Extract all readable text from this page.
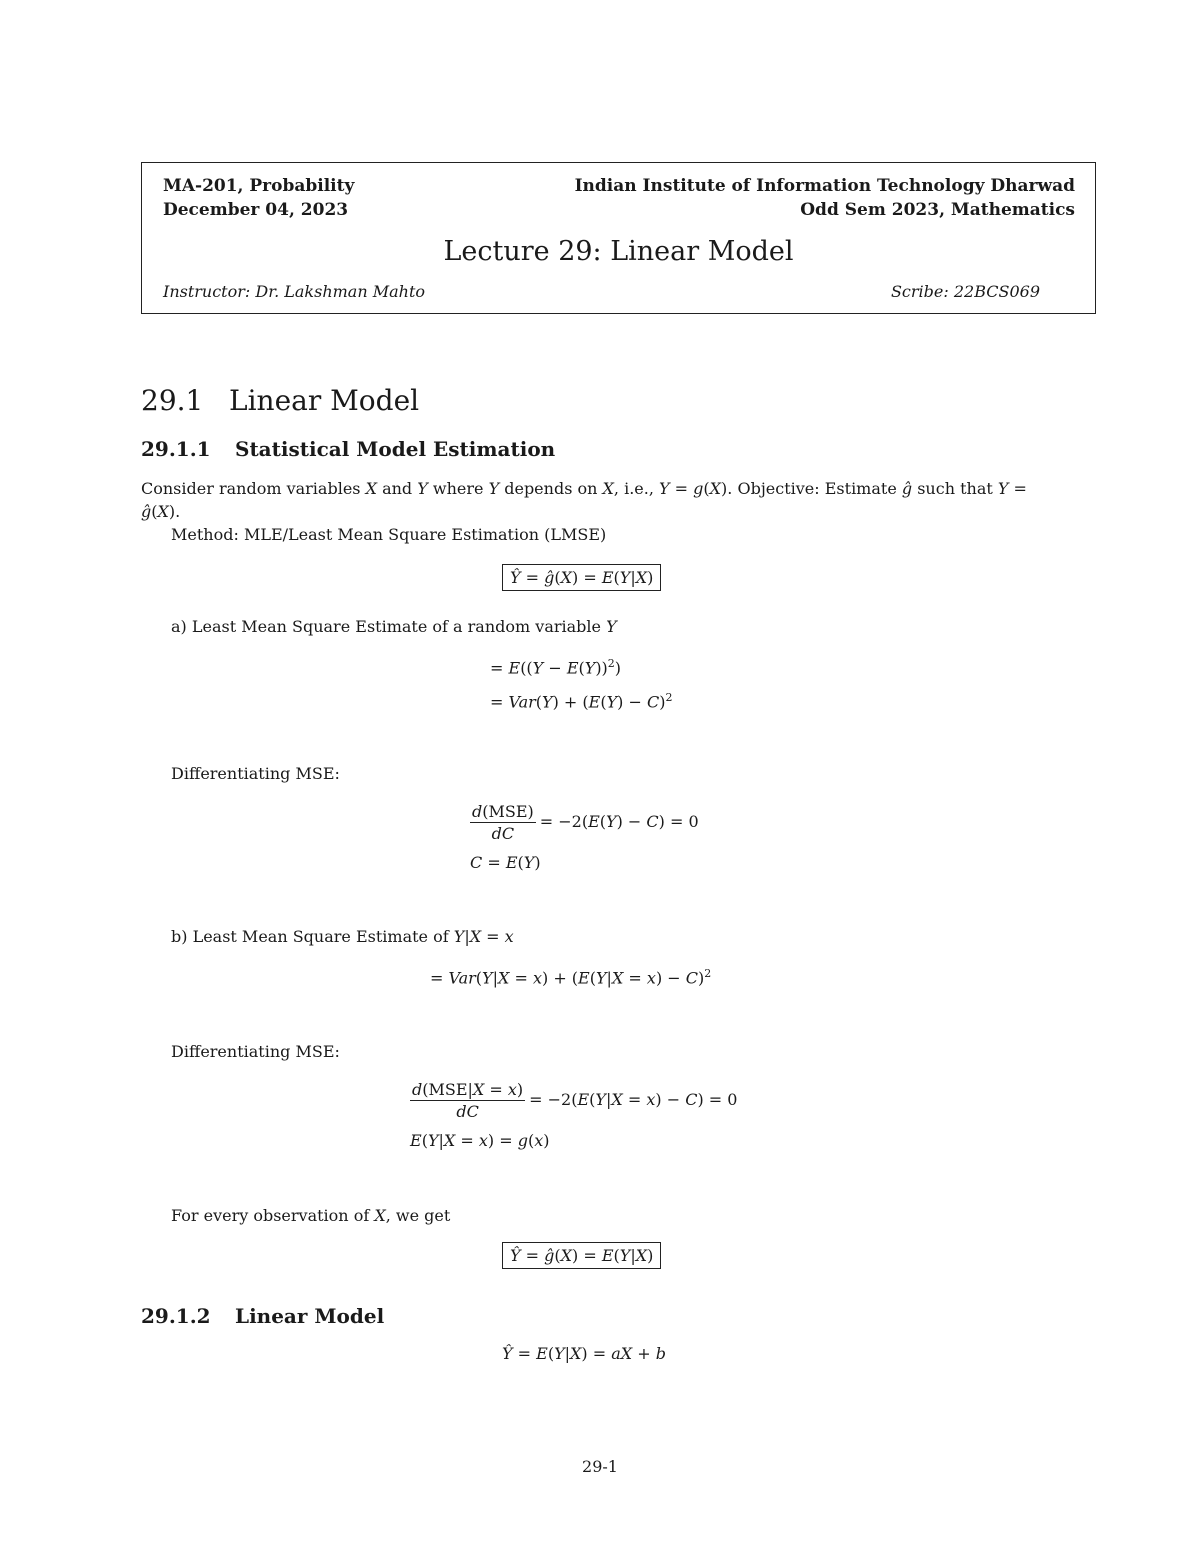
MA-201, Probability
December 04, 2023
Indian Institute of Information Technology Dharwad
Odd Sem 2023, Mathematics
Lecture 29: Linear Model
Instructor: Dr. Lakshman Mahto	Scribe: 22BCS069
29.1 Linear Model
29.1.1 Statistical Model Estimation
Consider random variables X and Y where Y depends on X, i.e., Y = g(X). Objective: Estimate ĝ such that Y = ĝ(X).
Method: MLE/Least Mean Square Estimation (LMSE)
Ŷ = ĝ(X) = E(Y|X)
a) Least Mean Square Estimate of a random variable Y
= $E((Y - E(Y))^2)$
= $Var(Y) + (E(Y) - C)^2$
Differentiating MSE:
$\frac{\text{d(MSE)}}{dC} = -2(E(Y) - C) = 0$
C = E(Y)
b) Least Mean Square Estimate of Y|X = x
= Var(Y|X = x) + (E(Y|X = x) − C)$^2$
Differentiating MSE:
$\frac{\text{d(MSE|X = x)}}{dC} = -2(E(Y|X = x) - C) = 0$
E(Y|X = x) = g(x)
For every observation of X, we get
Ŷ = ĝ(X) = E(Y|X)
29.1.2 Linear Model
Ŷ = E(Y|X) = aX + b
29-1
